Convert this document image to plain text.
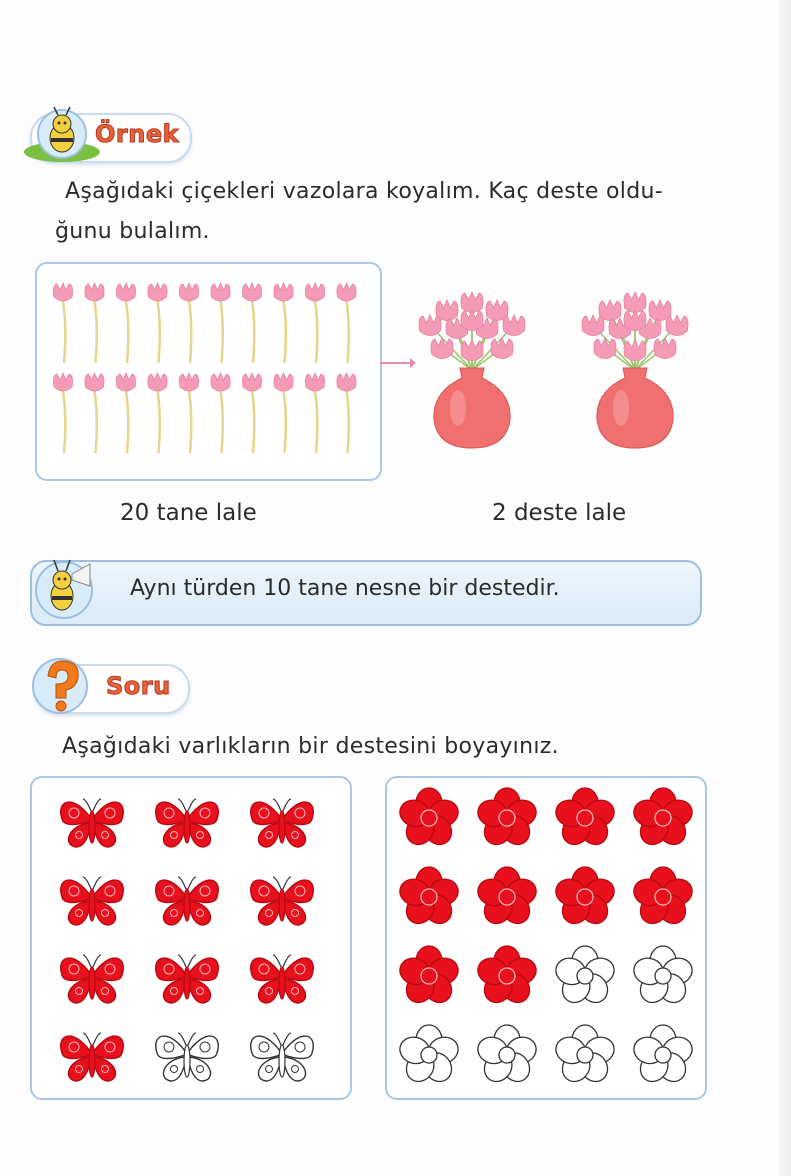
Örnek
Aşağıdaki çiçekleri vazolara koyalım. Kaç deste oldu-
ğunu bulalım.
20 tane lale	2 deste lale
Aynı türden 10 tane nesne bir destedir.
Soru
Aşağıdaki varlıkların bir destesini boyayınız.
